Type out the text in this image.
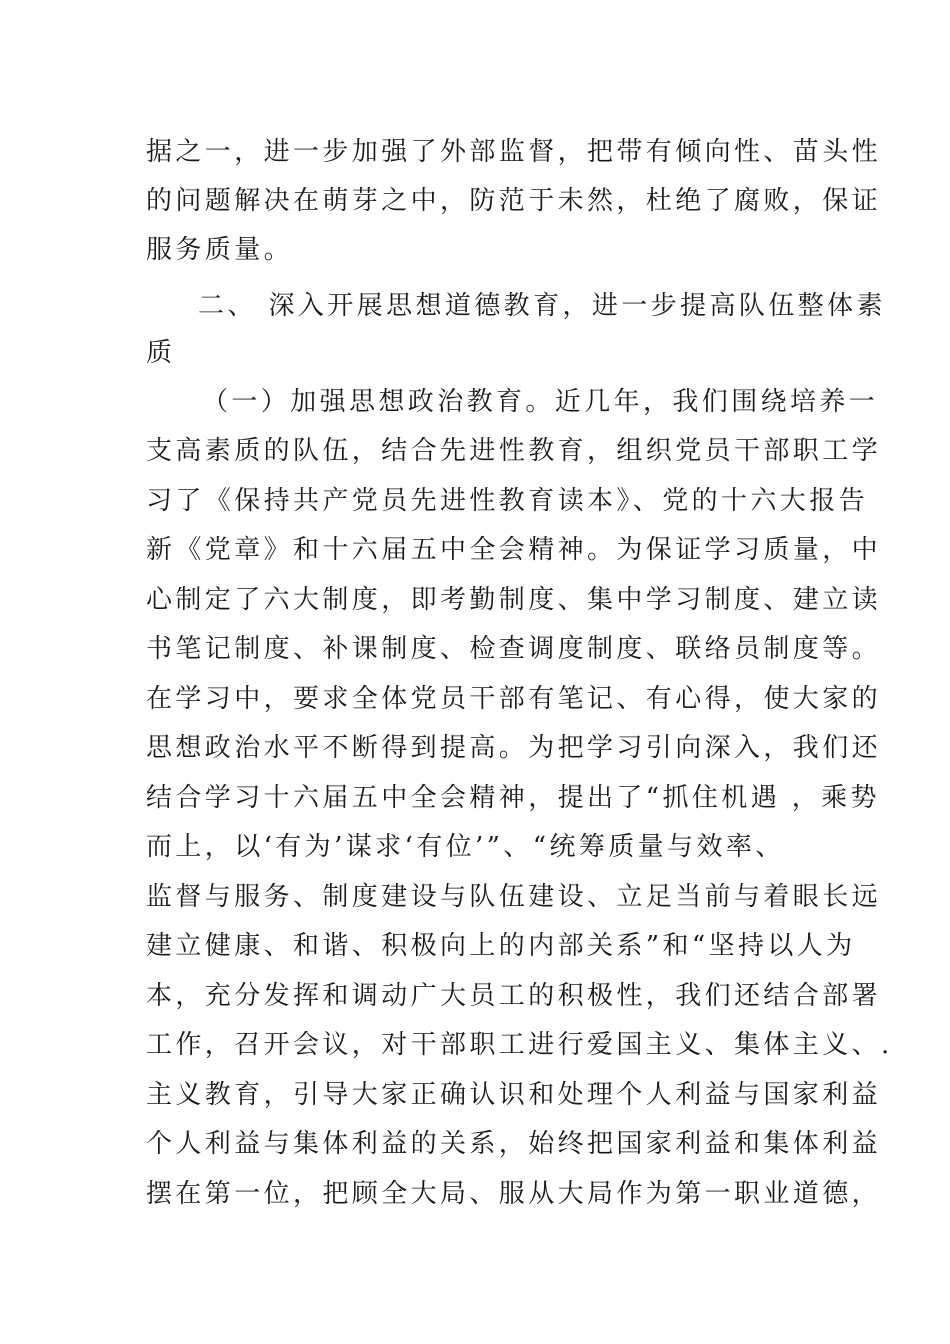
据之一，进一步加强了外部监督，把带有倾向性、苗头性
的问题解决在萌芽之中，防范于未然，杜绝了腐败，保证
服务质量。
二、 深入开展思想道德教育，进一步提高队伍整体素
质
（一）加强思想政治教育。近几年，我们围绕培养一
支高素质的队伍，结合先进性教育，组织党员干部职工学
习了《保持共产党员先进性教育读本》、党的十六大报告
新《党章》和十六届五中全会精神。为保证学习质量，中
心制定了六大制度，即考勤制度、集中学习制度、建立读
书笔记制度、补课制度、检查调度制度、联络员制度等。
在学习中，要求全体党员干部有笔记、有心得，使大家的
思想政治水平不断得到提高。为把学习引向深入，我们还
结合学习十六届五中全会精神，提出了“抓住机遇 ，乘势
而上，以‘有为’谋求‘有位’”、“统筹质量与效率、
监督与服务、制度建设与队伍建设、立足当前与着眼长远
建立健康、和谐、积极向上的内部关系”和“坚持以人为
本，充分发挥和调动广大员工的积极性，我们还结合部署
工作，召开会议，对干部职工进行爱国主义、集体主义、.
主义教育，引导大家正确认识和处理个人利益与国家利益
个人利益与集体利益的关系，始终把国家利益和集体利益
摆在第一位，把顾全大局、服从大局作为第一职业道德，
